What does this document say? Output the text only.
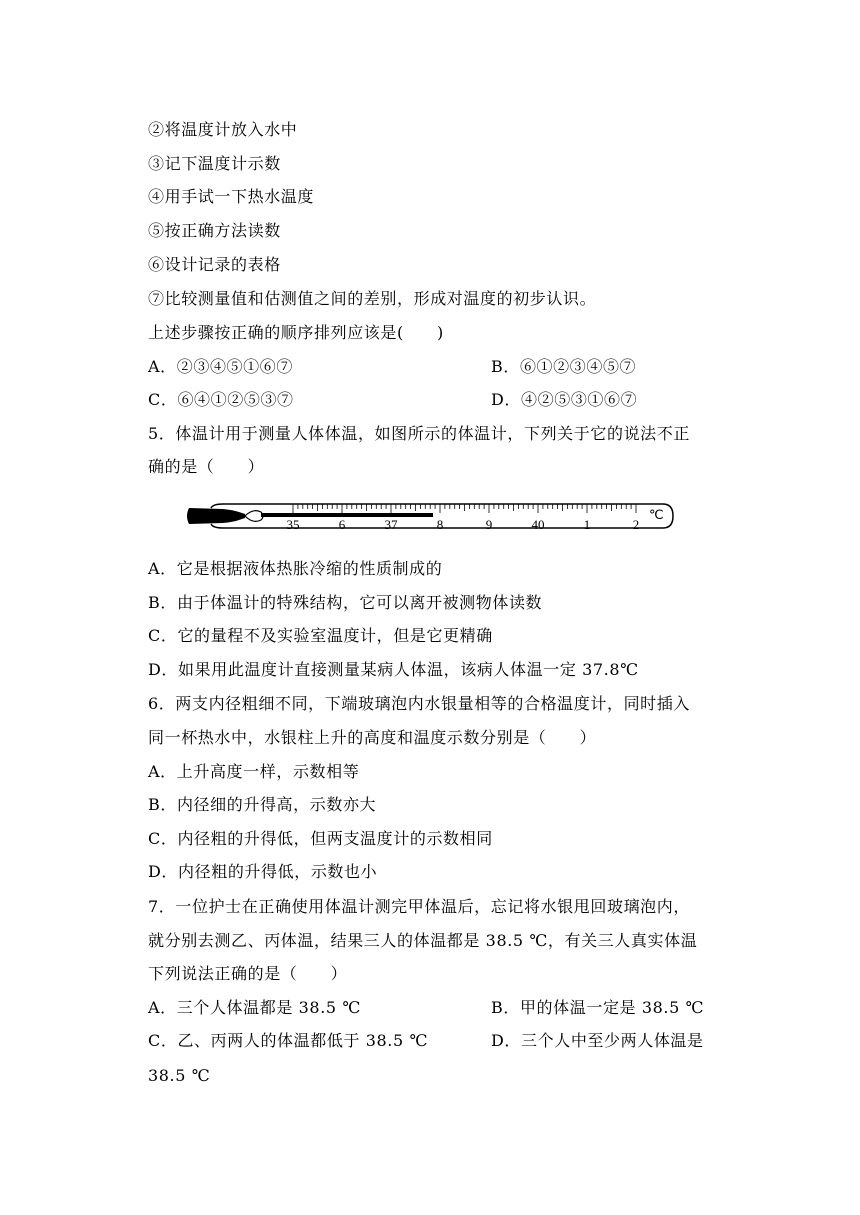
②将温度计放入水中
③记下温度计示数
④用手试一下热水温度
⑤按正确方法读数
⑥设计记录的表格
⑦比较测量值和估测值之间的差别，形成对温度的初步认识。
上述步骤按正确的顺序排列应该是(　　)
A．②③④⑤①⑥⑦	B．⑥①②③④⑤⑦
C．⑥④①②⑤③⑦	D．④②⑤③①⑥⑦
5．体温计用于测量人体体温，如图所示的体温计，下列关于它的说法不正
确的是（　　）
35	6	37	8	9	40	1	2
℃
A．它是根据液体热胀冷缩的性质制成的
B．由于体温计的特殊结构，它可以离开被测物体读数
C．它的量程不及实验室温度计，但是它更精确
D．如果用此温度计直接测量某病人体温，该病人体温一定 37.8℃
6．两支内径粗细不同，下端玻璃泡内水银量相等的合格温度计，同时插入
同一杯热水中，水银柱上升的高度和温度示数分别是（　　）
A．上升高度一样，示数相等
B．内径细的升得高，示数亦大
C．内径粗的升得低，但两支温度计的示数相同
D．内径粗的升得低，示数也小
7．一位护士在正确使用体温计测完甲体温后，忘记将水银甩回玻璃泡内，
就分别去测乙、丙体温，结果三人的体温都是 38.5 ℃，有关三人真实体温
下列说法正确的是（　　）
A．三个人体温都是 38.5 ℃	B．甲的体温一定是 38.5 ℃
C．乙、丙两人的体温都低于 38.5 ℃	D．三个人中至少两人体温是
38.5 ℃
